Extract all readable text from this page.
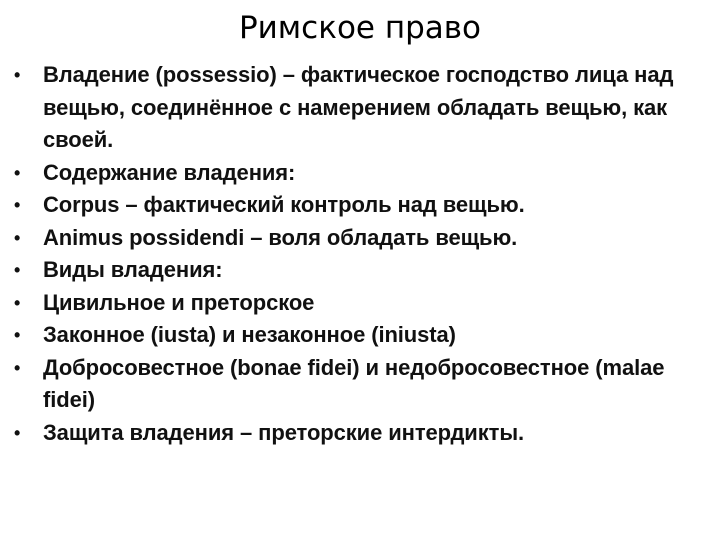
Римское право
•	Владение (possessio) – фактическое господство лица над вещью, соединённое с намерением обладать вещью, как своей.
•	Содержание владения:
•	Corpus – фактический контроль над вещью.
•	Animus possidendi – воля обладать вещью.
•	Виды владения:
•	Цивильное и преторское
•	Законное (iusta) и незаконное (iniusta)
•	Добросовестное (bonae fidei) и недобросовестное (malae fidei)
•	Защита владения – преторские интердикты.
